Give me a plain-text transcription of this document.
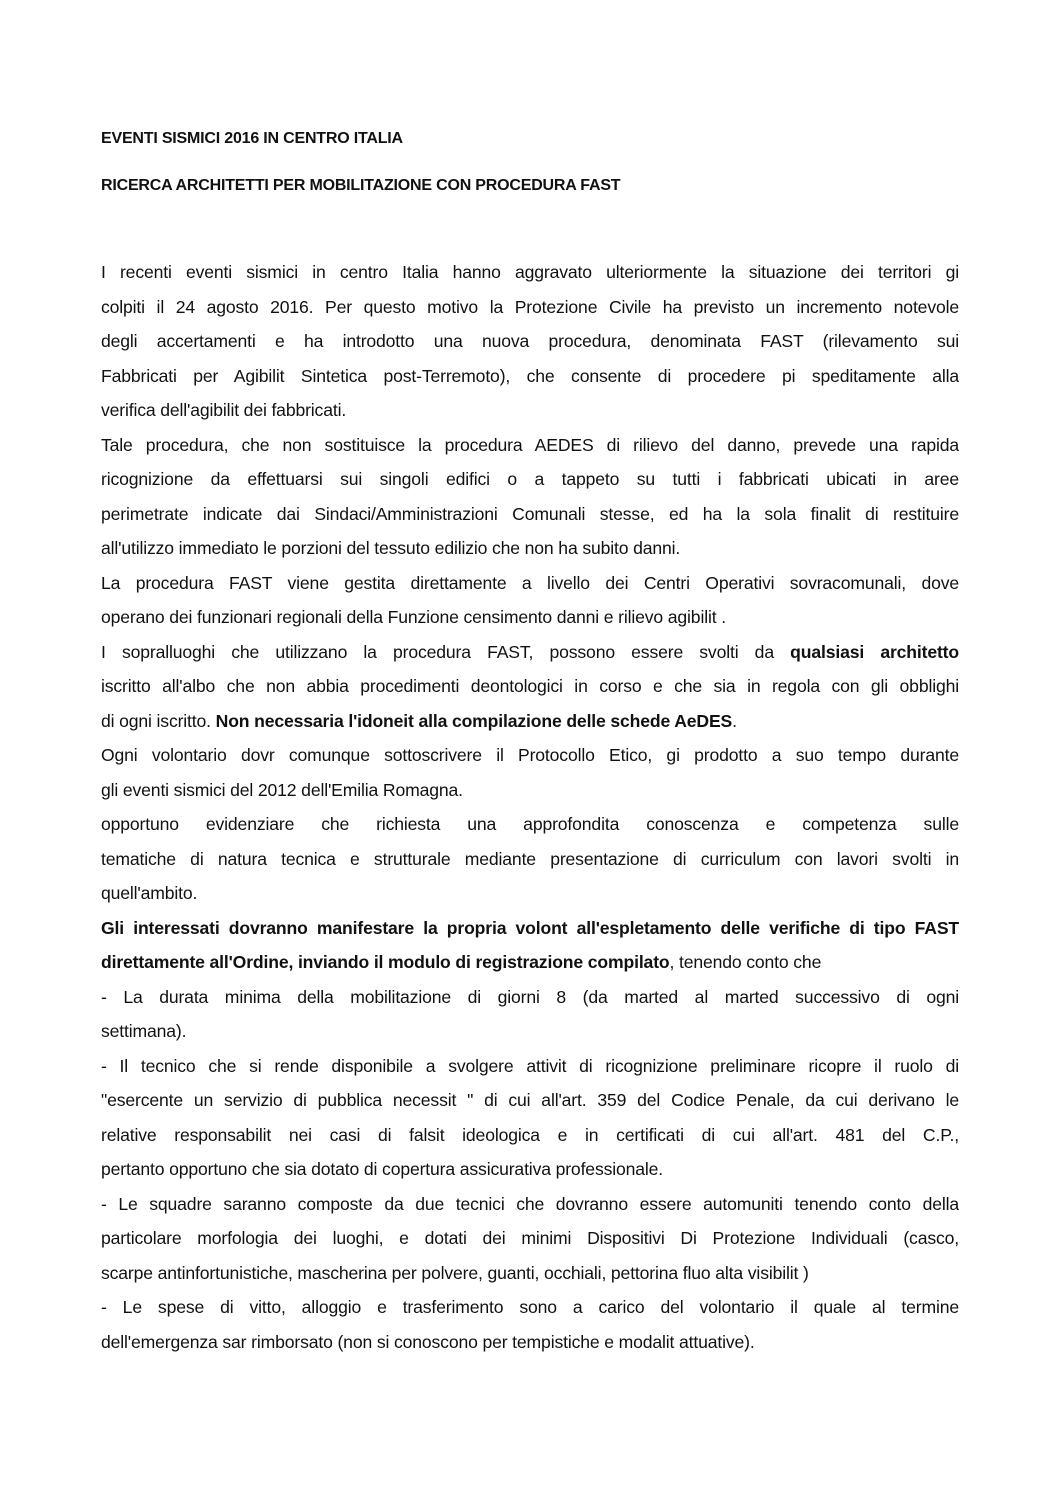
EVENTI SISMICI 2016 IN CENTRO ITALIA
RICERCA ARCHITETTI PER MOBILITAZIONE CON PROCEDURA FAST
I recenti eventi sismici in centro Italia hanno aggravato ulteriormente la situazione dei territori gi
colpiti il 24 agosto 2016. Per questo motivo la Protezione Civile ha previsto un incremento notevole
degli accertamenti e ha introdotto una nuova procedura, denominata FAST (rilevamento sui
Fabbricati per Agibilit Sintetica post-Terremoto), che consente di procedere pi speditamente alla
verifica dell'agibilit dei fabbricati.
Tale procedura, che non sostituisce la procedura AEDES di rilievo del danno, prevede una rapida
ricognizione da effettuarsi sui singoli edifici o a tappeto su tutti i fabbricati ubicati in aree
perimetrate indicate dai Sindaci/Amministrazioni Comunali stesse, ed ha la sola finalit di restituire
all'utilizzo immediato le porzioni del tessuto edilizio che non ha subito danni.
La procedura FAST viene gestita direttamente a livello dei Centri Operativi sovracomunali, dove
operano dei funzionari regionali della Funzione censimento danni e rilievo agibilit .
I sopralluoghi che utilizzano la procedura FAST, possono essere svolti da qualsiasi architetto
iscritto all'albo che non abbia procedimenti deontologici in corso e che sia in regola con gli obblighi
di ogni iscritto. Non necessaria l'idoneit alla compilazione delle schede AeDES.
Ogni volontario dovr comunque sottoscrivere il Protocollo Etico, gi prodotto a suo tempo durante
gli eventi sismici del 2012 dell'Emilia Romagna.
opportuno evidenziare che richiesta una approfondita conoscenza e competenza sulle
tematiche di natura tecnica e strutturale mediante presentazione di curriculum con lavori svolti in
quell'ambito.
Gli interessati dovranno manifestare la propria volont all'espletamento delle verifiche di tipo FAST
direttamente all'Ordine, inviando il modulo di registrazione compilato, tenendo conto che
- La durata minima della mobilitazione di giorni 8 (da marted al marted successivo di ogni
settimana).
- Il tecnico che si rende disponibile a svolgere attivit di ricognizione preliminare ricopre il ruolo di
"esercente un servizio di pubblica necessit " di cui all'art. 359 del Codice Penale, da cui derivano le
relative responsabilit nei casi di falsit ideologica e in certificati di cui all'art. 481 del C.P.,
pertanto opportuno che sia dotato di copertura assicurativa professionale.
- Le squadre saranno composte da due tecnici che dovranno essere automuniti tenendo conto della
particolare morfologia dei luoghi, e dotati dei minimi Dispositivi Di Protezione Individuali (casco,
scarpe antinfortunistiche, mascherina per polvere, guanti, occhiali, pettorina fluo alta visibilit )
- Le spese di vitto, alloggio e trasferimento sono a carico del volontario il quale al termine
dell'emergenza sar rimborsato (non si conoscono per tempistiche e modalit attuative).
